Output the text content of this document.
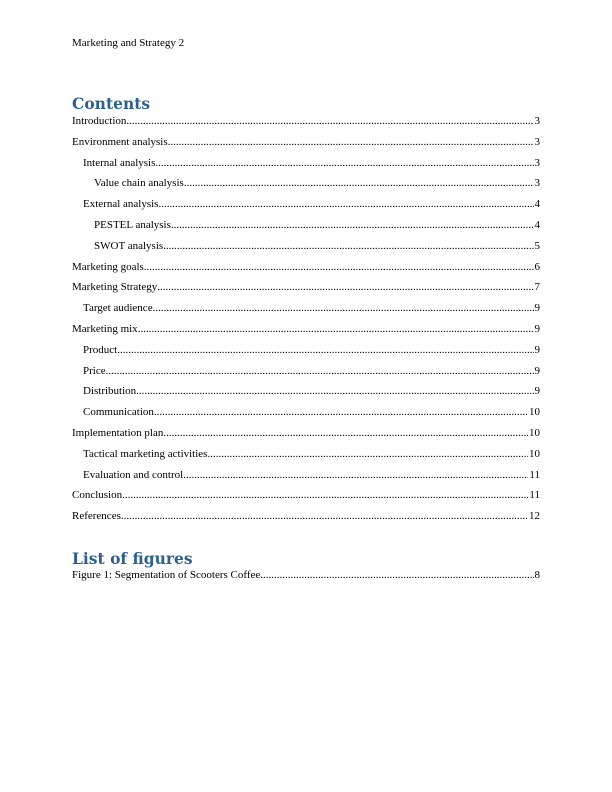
Marketing and Strategy 2
Contents
Introduction .....	3
Environment analysis .....	3
Internal analysis .....	3
Value chain analysis .....	3
External analysis .....	4
PESTEL analysis .....	4
SWOT analysis .....	5
Marketing goals .....	6
Marketing Strategy .....	7
Target audience .....	9
Marketing mix .....	9
Product .....	9
Price .....	9
Distribution .....	9
Communication .....	10
Implementation plan .....	10
Tactical marketing activities .....	10
Evaluation and control .....	11
Conclusion .....	11
References .....	12
List of figures
Figure 1: Segmentation of Scooters Coffee .....	8
